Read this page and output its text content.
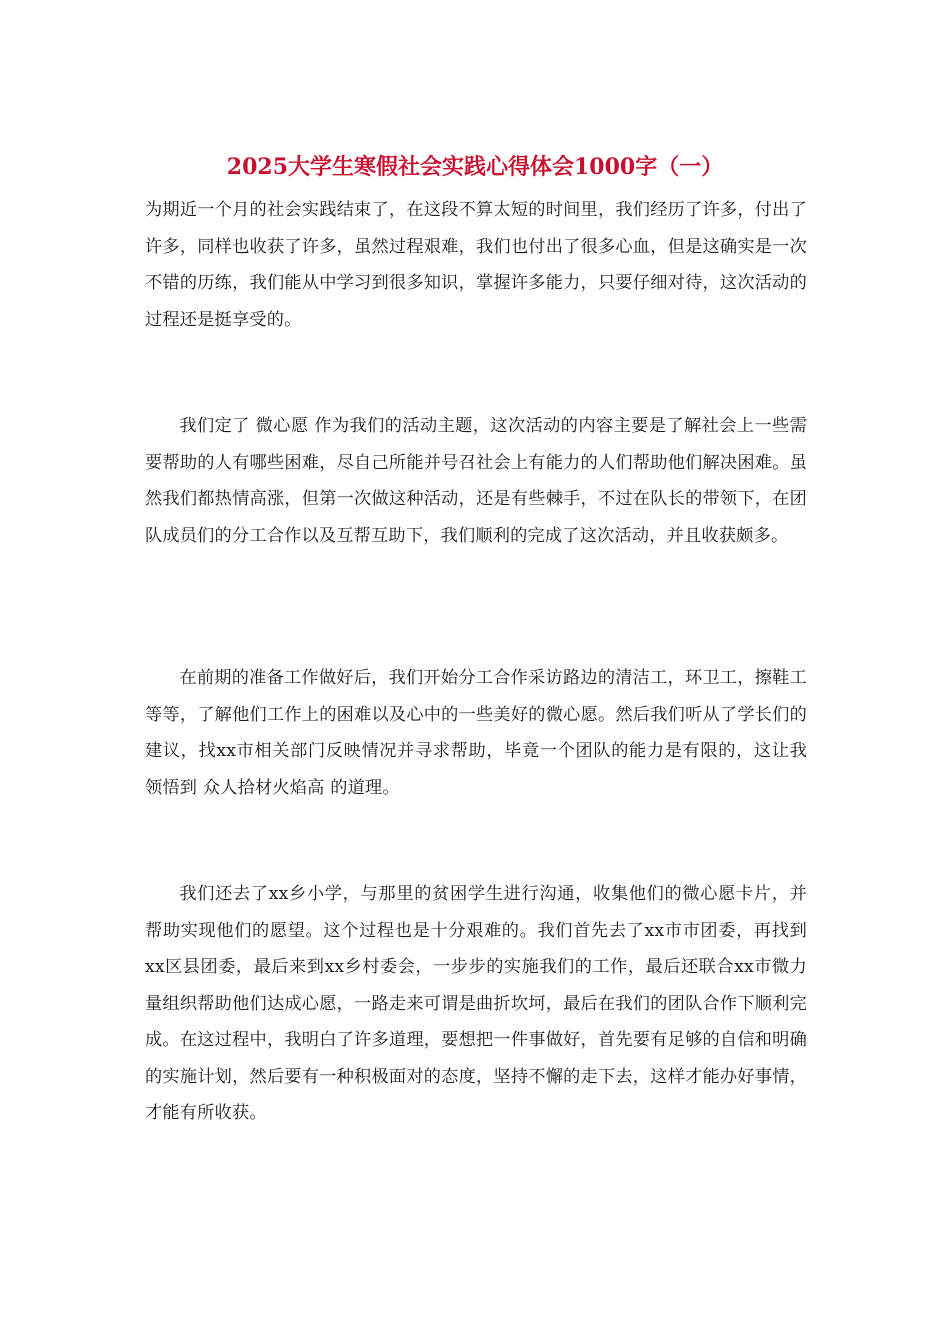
2025大学生寒假社会实践心得体会1000字（一）

为期近一个月的社会实践结束了，在这段不算太短的时间里，我们经历了许多，付出了许多，同样也收获了许多，虽然过程艰难，我们也付出了很多心血，但是这确实是一次不错的历练，我们能从中学习到很多知识，掌握许多能力，只要仔细对待，这次活动的过程还是挺享受的。

我们定了 微心愿 作为我们的活动主题，这次活动的内容主要是了解社会上一些需要帮助的人有哪些困难，尽自己所能并号召社会上有能力的人们帮助他们解决困难。虽然我们都热情高涨，但第一次做这种活动，还是有些棘手，不过在队长的带领下，在团队成员们的分工合作以及互帮互助下，我们顺利的完成了这次活动，并且收获颇多。

在前期的准备工作做好后，我们开始分工合作采访路边的清洁工，环卫工，擦鞋工等等，了解他们工作上的困难以及心中的一些美好的微心愿。然后我们听从了学长们的建议，找xx市相关部门反映情况并寻求帮助，毕竟一个团队的能力是有限的，这让我领悟到 众人拾材火焰高 的道理。

我们还去了xx乡小学，与那里的贫困学生进行沟通，收集他们的微心愿卡片，并帮助实现他们的愿望。这个过程也是十分艰难的。我们首先去了xx市市团委，再找到xx区县团委，最后来到xx乡村委会，一步步的实施我们的工作，最后还联合xx市微力量组织帮助他们达成心愿，一路走来可谓是曲折坎坷，最后在我们的团队合作下顺利完成。在这过程中，我明白了许多道理，要想把一件事做好，首先要有足够的自信和明确的实施计划，然后要有一种积极面对的态度，坚持不懈的走下去，这样才能办好事情，才能有所收获。
